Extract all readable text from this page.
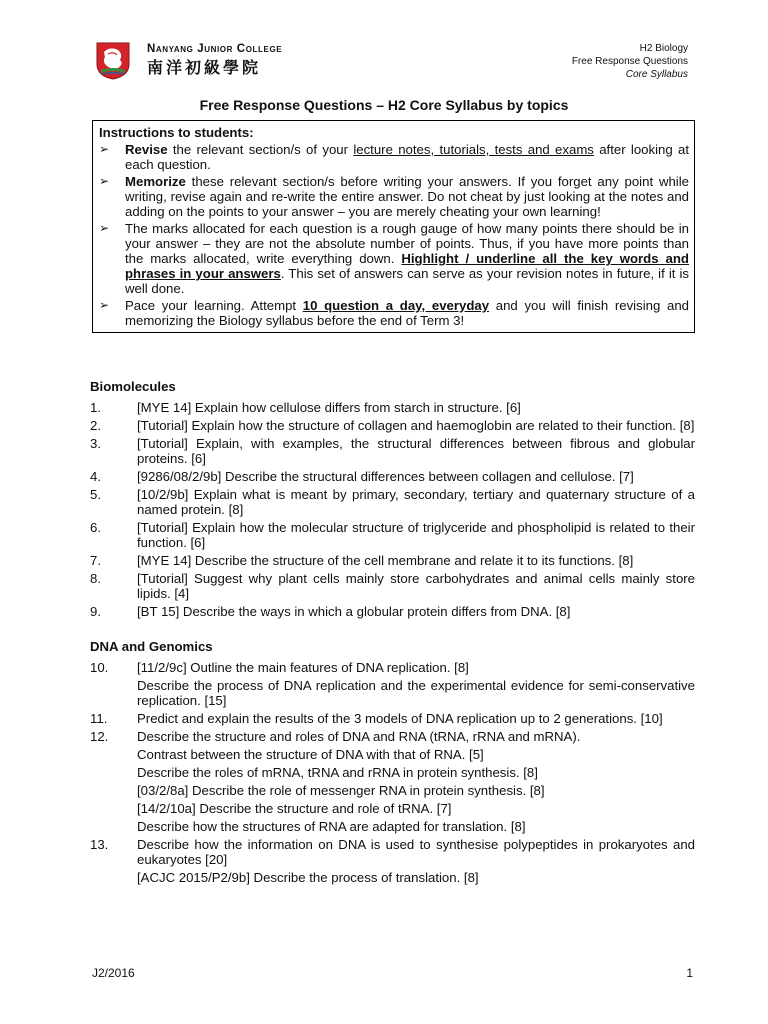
Nanyang Junior College
南洋初級學院
H2 Biology
Free Response Questions
Core Syllabus
Free Response Questions – H2 Core Syllabus by topics
Instructions to students:
➢	Revise the relevant section/s of your lecture notes, tutorials, tests and exams after looking at each question.
➢	Memorize these relevant section/s before writing your answers. If you forget any point while writing, revise again and re-write the entire answer. Do not cheat by just looking at the notes and adding on the points to your answer – you are merely cheating your own learning!
➢	The marks allocated for each question is a rough gauge of how many points there should be in your answer – they are not the absolute number of points. Thus, if you have more points than the marks allocated, write everything down. Highlight / underline all the key words and phrases in your answers. This set of answers can serve as your revision notes in future, if it is well done.
➢	Pace your learning. Attempt 10 question a day, everyday and you will finish revising and memorizing the Biology syllabus before the end of Term 3!
Biomolecules
1.	[MYE 14] Explain how cellulose differs from starch in structure. [6]
2.	[Tutorial] Explain how the structure of collagen and haemoglobin are related to their function. [8]
3.	[Tutorial] Explain, with examples, the structural differences between fibrous and globular proteins. [6]
4.	[9286/08/2/9b] Describe the structural differences between collagen and cellulose. [7]
5.	[10/2/9b] Explain what is meant by primary, secondary, tertiary and quaternary structure of a named protein. [8]
6.	[Tutorial] Explain how the molecular structure of triglyceride and phospholipid is related to their function. [6]
7.	[MYE 14] Describe the structure of the cell membrane and relate it to its functions. [8]
8.	[Tutorial] Suggest why plant cells mainly store carbohydrates and animal cells mainly store lipids. [4]
9.	[BT 15] Describe the ways in which a globular protein differs from DNA. [8]
DNA and Genomics
10.	[11/2/9c] Outline the main features of DNA replication. [8]
Describe the process of DNA replication and the experimental evidence for semi-conservative replication. [15]
11.	Predict and explain the results of the 3 models of DNA replication up to 2 generations. [10]
12.	Describe the structure and roles of DNA and RNA (tRNA, rRNA and mRNA).
Contrast between the structure of DNA with that of RNA. [5]
Describe the roles of mRNA, tRNA and rRNA in protein synthesis. [8]
[03/2/8a] Describe the role of messenger RNA in protein synthesis. [8]
[14/2/10a] Describe the structure and role of tRNA. [7]
Describe how the structures of RNA are adapted for translation. [8]
13.	Describe how the information on DNA is used to synthesise polypeptides in prokaryotes and eukaryotes [20]
[ACJC 2015/P2/9b] Describe the process of translation. [8]
J2/2016	1
